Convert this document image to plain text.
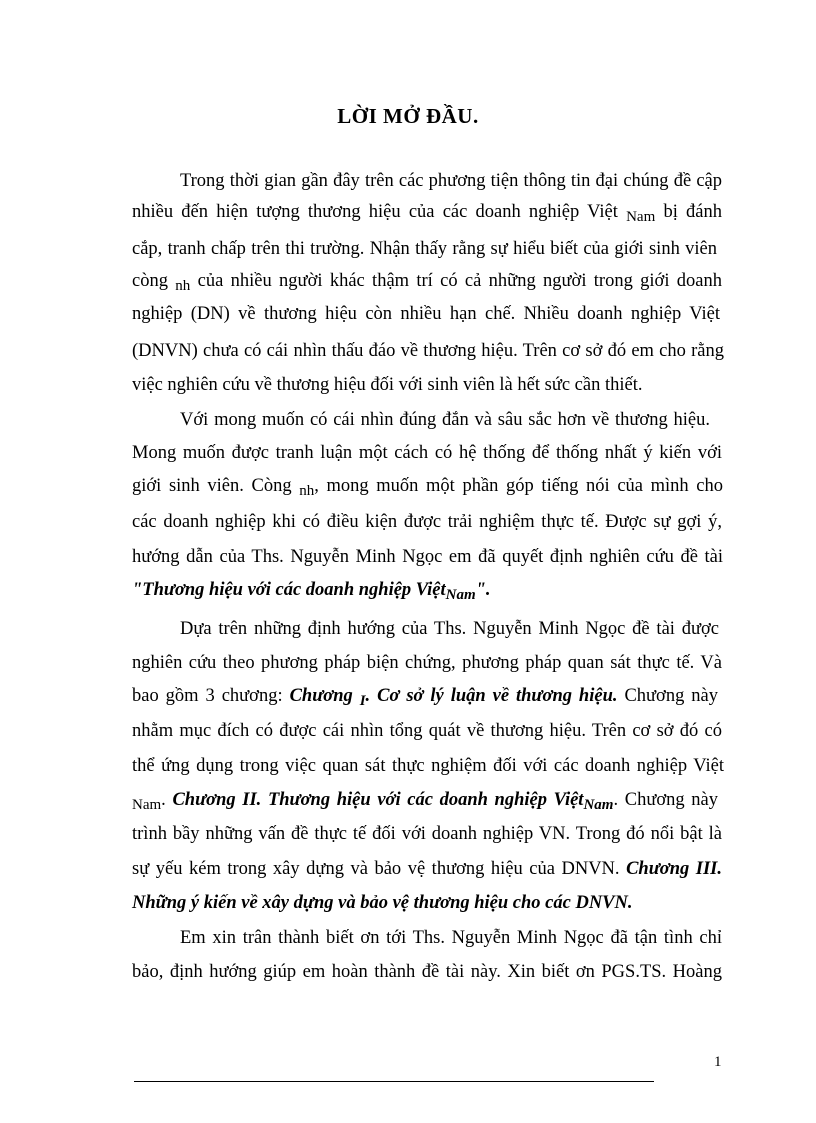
LỜI MỞ ĐẦU.
Trong thời gian gần đây trên các phương tiện thông tin đại chúng đề cập
nhiều đến hiện tượng thương hiệu của các doanh nghiệp Việt $_{Nam}$ bị đánh
cắp, tranh chấp trên thi trường. Nhận thấy rằng sự hiểu biết của giới sinh viên
còng $_{nh}$ của nhiều người khác thậm trí có cả những người trong giới doanh
nghiệp (DN) về thương hiệu còn nhiều hạn chế. Nhiều doanh nghiệp Việt
(DNVN) chưa có cái nhìn thấu đáo về thương hiệu. Trên cơ sở đó em cho rằng
việc nghiên cứu về thương hiệu đối với sinh viên là hết sức cần thiết.
Với mong muốn có cái nhìn đúng đắn và sâu sắc hơn về thương hiệu.
Mong muốn được tranh luận một cách có hệ thống để thống nhất ý kiến với
giới sinh viên. Còng $_{nh}$, mong muốn một phần góp tiếng nói của mình cho
các doanh nghiệp khi có điều kiện được trải nghiệm thực tế. Được sự gợi ý,
hướng dẫn của Ths. Nguyễn Minh Ngọc em đã quyết định nghiên cứu đề tài
"Thương hiệu với các doanh nghiệp Việt$_{Nam}$".
Dựa trên những định hướng của Ths. Nguyễn Minh Ngọc đề tài được
nghiên cứu theo phương pháp biện chứng, phương pháp quan sát thực tế. Và
bao gồm 3 chương: Chương $_I$. Cơ sở lý luận về thương hiệu. Chương này
nhằm mục đích có được cái nhìn tổng quát về thương hiệu. Trên cơ sở đó có
thể ứng dụng trong việc quan sát thực nghiệm đối với các doanh nghiệp Việt
$_{Nam}$. Chương II. Thương hiệu với các doanh nghiệp Việt$_{Nam}$. Chương này
trình bầy những vấn đề thực tế đối với doanh nghiệp VN. Trong đó nổi bật là
sự yếu kém trong xây dựng và bảo vệ thương hiệu của DNVN. Chương III.
Những ý kiến về xây dựng và bảo vệ thương hiệu cho các DNVN.
Em xin trân thành biết ơn tới Ths. Nguyễn Minh Ngọc đã tận tình chỉ
bảo, định hướng giúp em hoàn thành đề tài này. Xin biết ơn PGS.TS. Hoàng
1
